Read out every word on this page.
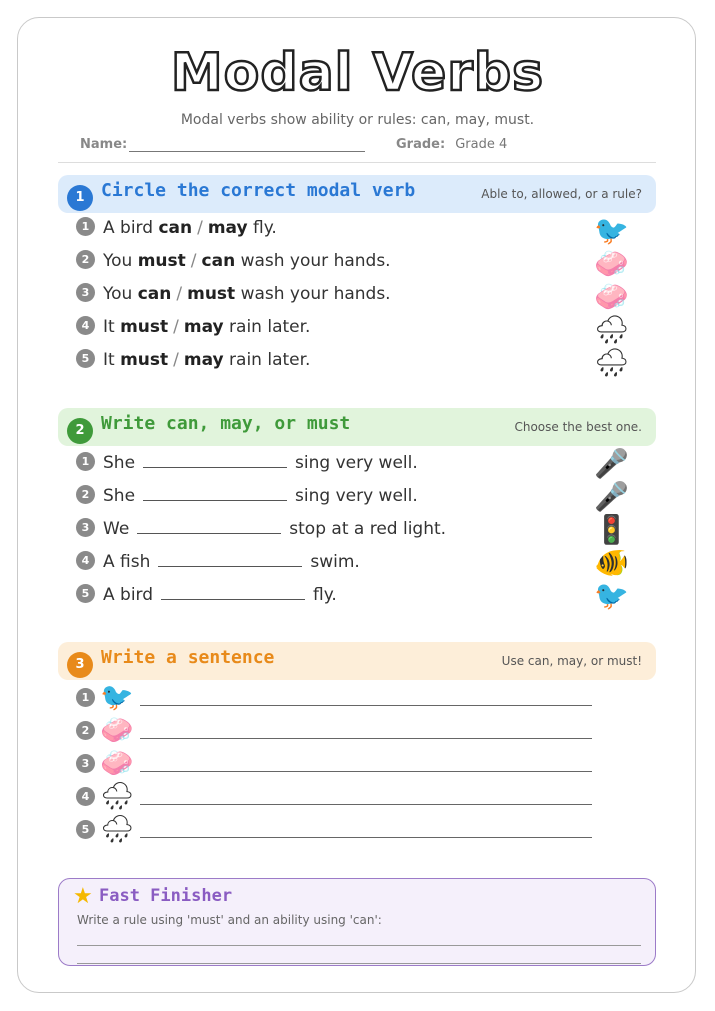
Modal Verbs
Modal verbs show ability or rules: can, may, must.
Name:	Grade: Grade 4
1 Circle the correct modal verb	Able to, allowed, or a rule?
1 A bird can / may fly.	🐦
2 You must / can wash your hands.	🧼
3 You can / must wash your hands.	🧼
4 It must / may rain later.	🌧
5 It must / may rain later.	🌧
2 Write can, may, or must	Choose the best one.
1 She	sing very well.	🎤
2 She	sing very well.	🎤
3 We	stop at a red light.	🚦
4 A fish	swim.	🐠
5 A bird	fly.	🐦
3 Write a sentence	Use can, may, or must!
1 🐦
2 🧼
3 🧼
4 🌧
5 🌧
★ Fast Finisher
Write a rule using 'must' and an ability using 'can':
